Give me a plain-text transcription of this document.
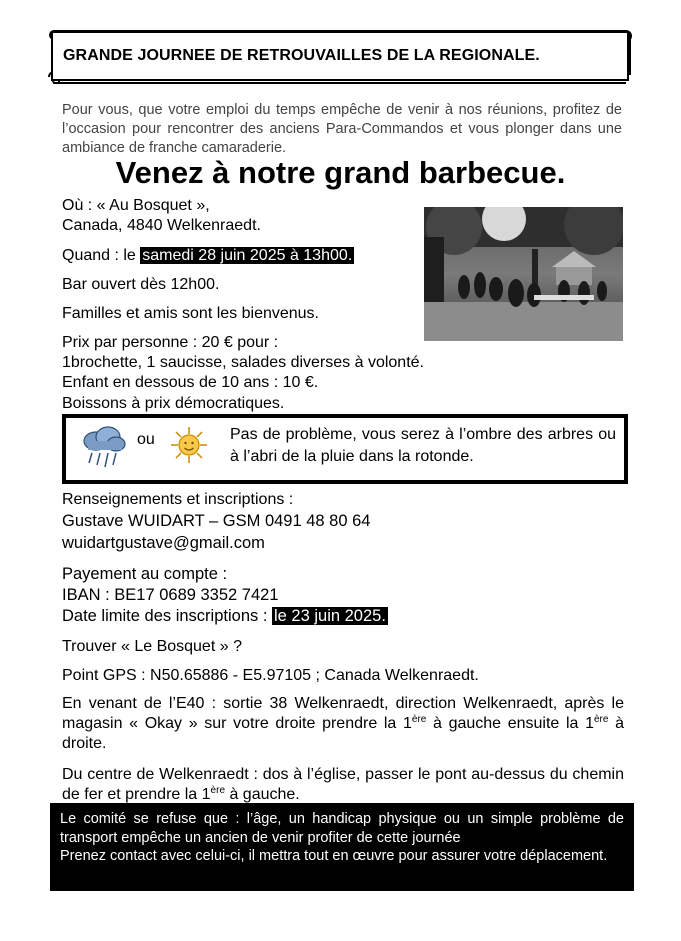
GRANDE JOURNEE DE RETROUVAILLES DE LA REGIONALE.
Pour vous, que votre emploi du temps empêche de venir à nos réunions, profitez de l’occasion pour rencontrer des anciens Para-Commandos et vous plonger dans une ambiance de franche camaraderie.
Venez à notre grand barbecue.
Où : « Au Bosquet »,
Canada, 4840 Welkenraedt.
Quand : le samedi 28 juin 2025 à 13h00.
Bar ouvert dès 12h00.
Familles et amis sont les bienvenus.
Prix par personne : 20 € pour :
1brochette, 1 saucisse, salades diverses à volonté.
Enfant en dessous de 10 ans : 10 €.
Boissons à prix démocratiques.
ou	Pas de problème, vous serez à l’ombre des arbres ou à l’abri de la pluie dans la rotonde.
Renseignements et inscriptions :
Gustave WUIDART – GSM 0491 48 80 64
wuidartgustave@gmail.com
Payement au compte :
IBAN : BE17 0689 3352 7421
Date limite des inscriptions : le 23 juin 2025.
Trouver « Le Bosquet » ?
Point GPS : N50.65886 - E5.97105 ; Canada Welkenraedt.
En venant de l’E40 : sortie 38 Welkenraedt, direction Welkenraedt, après le magasin « Okay » sur votre droite prendre la 1ère à gauche ensuite la 1ère à droite.
Du centre de Welkenraedt : dos à l’église, passer le pont au-dessus du chemin de fer et prendre la 1ère à gauche.
Le comité se refuse que : l’âge, un handicap physique ou un simple problème de transport empêche un ancien de venir profiter de cette journée
Prenez contact avec celui-ci, il mettra tout en œuvre pour assurer votre déplacement.
